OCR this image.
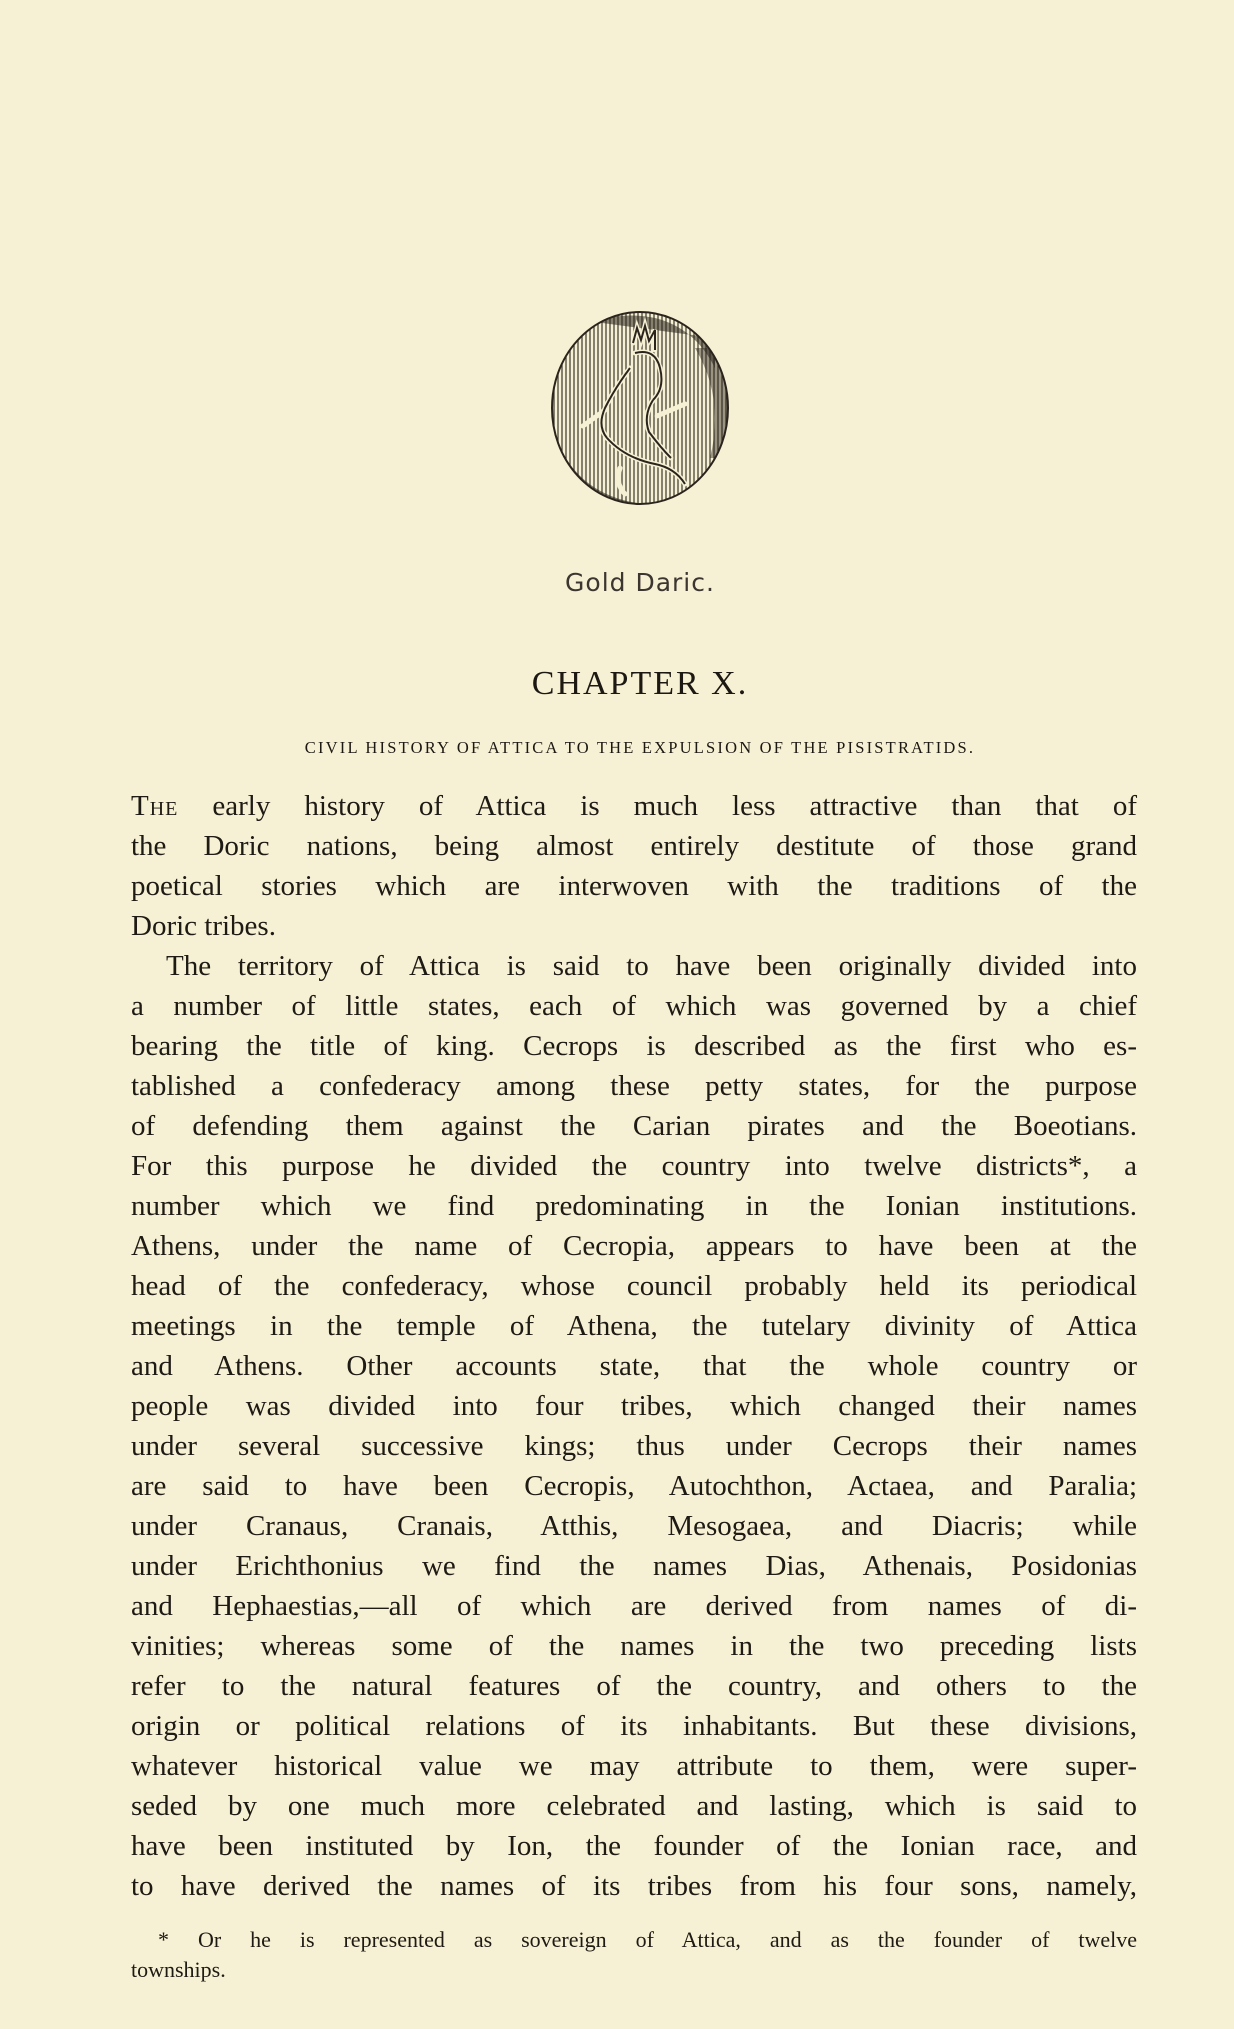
Gold Daric.
CHAPTER X.
CIVIL HISTORY OF ATTICA TO THE EXPULSION OF THE PISISTRATIDS.
The early history of Attica is much less attractive than that of
the Doric nations, being almost entirely destitute of those grand
poetical stories which are interwoven with the traditions of the
Doric tribes.
The territory of Attica is said to have been originally divided into
a number of little states, each of which was governed by a chief
bearing the title of king. Cecrops is described as the first who es-
tablished a confederacy among these petty states, for the purpose
of defending them against the Carian pirates and the Boeotians.
For this purpose he divided the country into twelve districts*, a
number which we find predominating in the Ionian institutions.
Athens, under the name of Cecropia, appears to have been at the
head of the confederacy, whose council probably held its periodical
meetings in the temple of Athena, the tutelary divinity of Attica
and Athens. Other accounts state, that the whole country or
people was divided into four tribes, which changed their names
under several successive kings; thus under Cecrops their names
are said to have been Cecropis, Autochthon, Actaea, and Paralia;
under Cranaus, Cranais, Atthis, Mesogaea, and Diacris; while
under Erichthonius we find the names Dias, Athenais, Posidonias
and Hephaestias,—all of which are derived from names of di-
vinities; whereas some of the names in the two preceding lists
refer to the natural features of the country, and others to the
origin or political relations of its inhabitants. But these divisions,
whatever historical value we may attribute to them, were super-
seded by one much more celebrated and lasting, which is said to
have been instituted by Ion, the founder of the Ionian race, and
to have derived the names of its tribes from his four sons, namely,
* Or he is represented as sovereign of Attica, and as the founder of twelve
townships.
